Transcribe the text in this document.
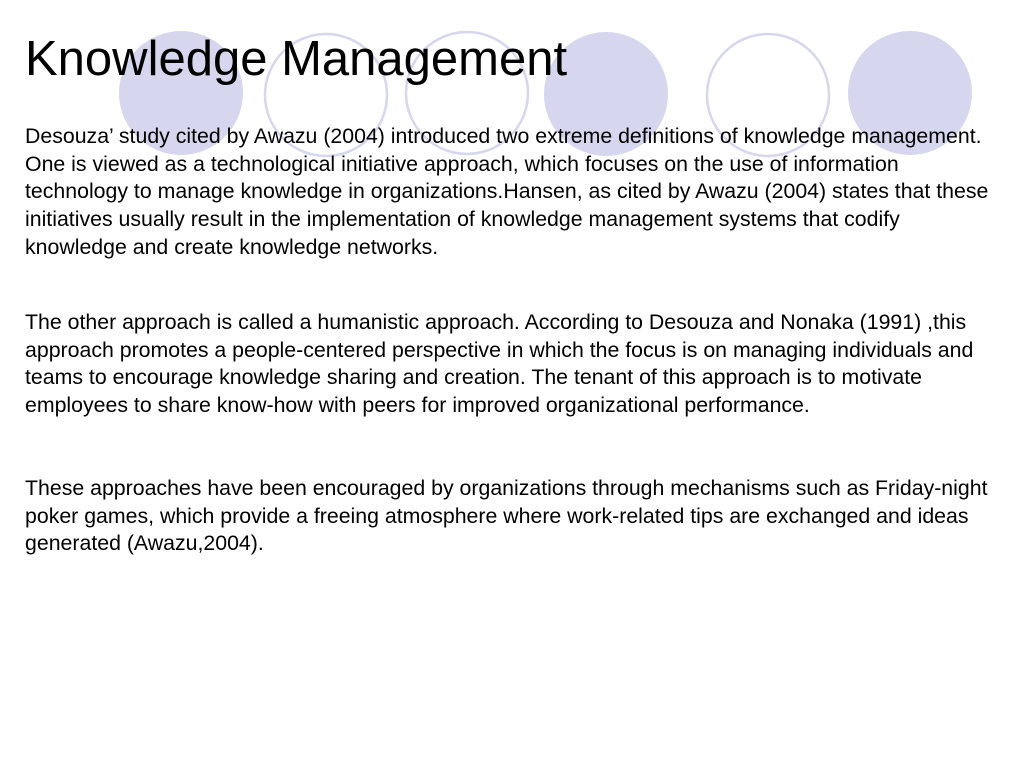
Knowledge Management

Desouza’ study cited by Awazu (2004) introduced two extreme definitions of knowledge management. One is viewed as a technological initiative approach, which focuses on the use of information technology to manage knowledge in organizations.Hansen, as cited by Awazu (2004) states that these initiatives usually result in the implementation of knowledge management systems that codify knowledge and create knowledge networks.

The other approach is called a humanistic approach. According to Desouza and Nonaka (1991) ,this approach promotes a people-centered perspective in which the focus is on managing individuals and teams to encourage knowledge sharing and creation. The tenant of this approach is to motivate employees to share know-how with peers for improved organizational performance.

These approaches have been encouraged by organizations through mechanisms such as Friday-night poker games, which provide a freeing atmosphere where work-related tips are exchanged and ideas generated (Awazu,2004).
